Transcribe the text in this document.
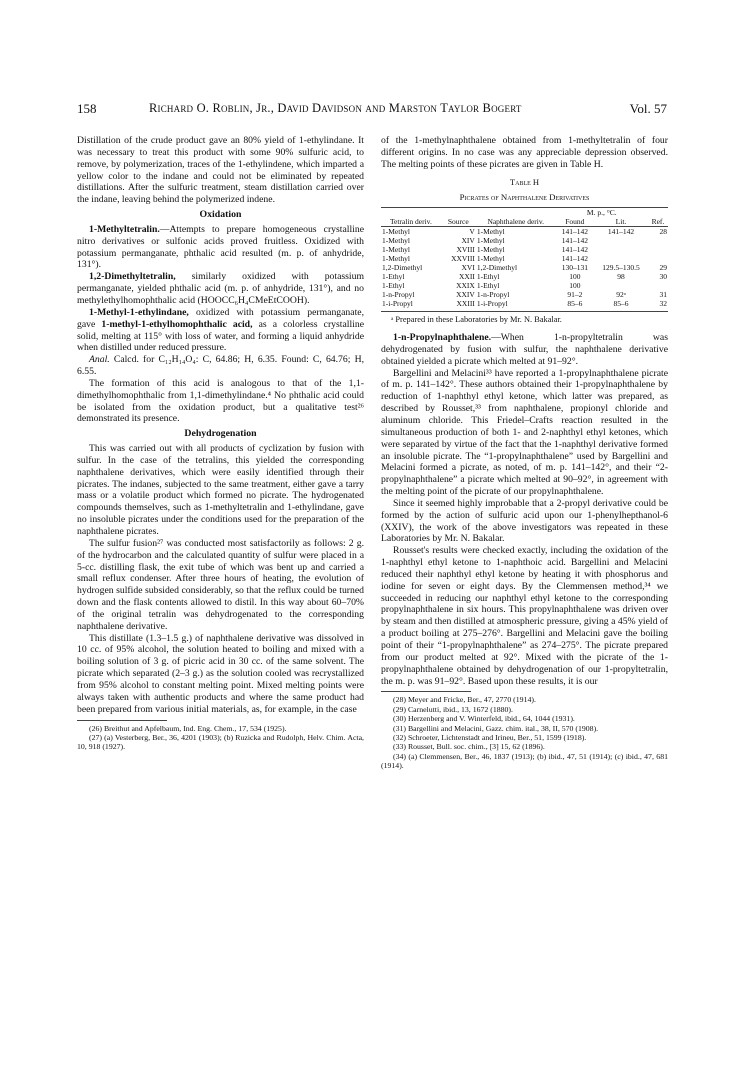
158	Richard O. Roblin, Jr., David Davidson and Marston Taylor Bogert	Vol. 57

Distillation of the crude product gave an 80% yield of 1-ethylindane. It was necessary to treat this product with some 90% sulfuric acid, to remove, by polymerization, traces of the 1-ethylindene, which imparted a yellow color to the indane and could not be eliminated by repeated distillations. After the sulfuric treatment, steam distillation carried over the indane, leaving behind the polymerized indene.

Oxidation

1-Methyltetralin.—Attempts to prepare homogeneous crystalline nitro derivatives or sulfonic acids proved fruitless. Oxidized with potassium permanganate, phthalic acid resulted (m. p. of anhydride, 131°).

1,2-Dimethyltetralin, similarly oxidized with potassium permanganate, yielded phthalic acid (m. p. of anhydride, 131°), and no methylethylhomophthalic acid (HOOCC₆H₄CMeEtCOOH).

1-Methyl-1-ethylindane, oxidized with potassium permanganate, gave 1-methyl-1-ethylhomophthalic acid, as a colorless crystalline solid, melting at 115° with loss of water, and forming a liquid anhydride when distilled under reduced pressure.

Anal. Calcd. for C₁₂H₁₄O₄: C, 64.86; H, 6.35. Found: C, 64.76; H, 6.55.

The formation of this acid is analogous to that of the 1,1-dimethylhomophthalic from 1,1-dimethylindane.⁴ No phthalic acid could be isolated from the oxidation product, but a qualitative test²⁶ demonstrated its presence.

Dehydrogenation

This was carried out with all products of cyclization by fusion with sulfur. In the case of the tetralins, this yielded the corresponding naphthalene derivatives, which were easily identified through their picrates. The indanes, subjected to the same treatment, either gave a tarry mass or a volatile product which formed no picrate. The hydrogenated compounds themselves, such as 1-methyltetralin and 1-ethylindane, gave no insoluble picrates under the conditions used for the preparation of the naphthalene picrates.

The sulfur fusion²⁷ was conducted most satisfactorily as follows: 2 g. of the hydrocarbon and the calculated quantity of sulfur were placed in a 5-cc. distilling flask, the exit tube of which was bent up and carried a small reflux condenser. After three hours of heating, the evolution of hydrogen sulfide subsided considerably, so that the reflux could be turned down and the flask contents allowed to distil. In this way about 60–70% of the original tetralin was dehydrogenated to the corresponding naphthalene derivative.

This distillate (1.3–1.5 g.) of naphthalene derivative was dissolved in 10 cc. of 95% alcohol, the solution heated to boiling and mixed with a boiling solution of 3 g. of picric acid in 30 cc. of the same solvent. The picrate which separated (2–3 g.) as the solution cooled was recrystallized from 95% alcohol to constant melting point. Mixed melting points were always taken with authentic products and where the same product had been prepared from various initial materials, as, for example, in the case

(26) Breithut and Apfelbaum, Ind. Eng. Chem., 17, 534 (1925).

(27) (a) Vesterberg, Ber., 36, 4201 (1903); (b) Ruzicka and Rudolph, Helv. Chim. Acta, 10, 918 (1927).

of the 1-methylnaphthalene obtained from 1-methyltetralin of four different origins. In no case was any appreciable depression observed. The melting points of these picrates are given in Table H.

Table H
Picrates of Naphthalene Derivatives
Tetralin deriv.	Source	Naphthalene deriv.	M. p., °C.		Ref.
			Found	Lit.	
1-Methyl	V	1-Methyl	141–142	141–142	28
1-Methyl	XIV	1-Methyl	141–142		
1-Methyl	XVIII	1-Methyl	141–142		
1-Methyl	XXVIII	1-Methyl	141–142		
1,2-Dimethyl	XVI	1,2-Dimethyl	130–131	129.5–130.5	29
1-Ethyl	XXII	1-Ethyl	100	98	30
1-Ethyl	XXIX	1-Ethyl	100		
1-n-Propyl	XXIV	1-n-Propyl	91–2	92ᵃ	31
1-i-Propyl	XXIII	1-i-Propyl	85–6	85–6	32
ᵃ Prepared in these Laboratories by Mr. N. Bakalar.

1-n-Propylnaphthalene.—When 1-n-propyltetralin was dehydrogenated by fusion with sulfur, the naphthalene derivative obtained yielded a picrate which melted at 91–92°.

Bargellini and Melacini³³ have reported a 1-propylnaphthalene picrate of m. p. 141–142°. These authors obtained their 1-propylnaphthalene by reduction of 1-naphthyl ethyl ketone, which latter was prepared, as described by Rousset,³³ from naphthalene, propionyl chloride and aluminum chloride. This Friedel–Crafts reaction resulted in the simultaneous production of both 1- and 2-naphthyl ethyl ketones, which were separated by virtue of the fact that the 1-naphthyl derivative formed an insoluble picrate. The “1-propylnaphthalene” used by Bargellini and Melacini formed a picrate, as noted, of m. p. 141–142°, and their “2-propylnaphthalene” a picrate which melted at 90–92°, in agreement with the melting point of the picrate of our propylnaphthalene.

Since it seemed highly improbable that a 2-propyl derivative could be formed by the action of sulfuric acid upon our 1-phenylhepthanol-6 (XXIV), the work of the above investigators was repeated in these Laboratories by Mr. N. Bakalar.

Rousset's results were checked exactly, including the oxidation of the 1-naphthyl ethyl ketone to 1-naphthoic acid. Bargellini and Melacini reduced their naphthyl ethyl ketone by heating it with phosphorus and iodine for seven or eight days. By the Clemmensen method,³⁴ we succeeded in reducing our naphthyl ethyl ketone to the corresponding propylnaphthalene in six hours. This propylnaphthalene was driven over by steam and then distilled at atmospheric pressure, giving a 45% yield of a product boiling at 275–276°. Bargellini and Melacini gave the boiling point of their “1-propylnaphthalene” as 274–275°. The picrate prepared from our product melted at 92°. Mixed with the picrate of the 1-propylnaphthalene obtained by dehydrogenation of our 1-propyltetralin, the m. p. was 91–92°. Based upon these results, it is our

(28) Meyer and Fricke, Ber., 47, 2770 (1914).

(29) Carnelutti, ibid., 13, 1672 (1880).

(30) Herzenberg and V. Winterfeld, ibid., 64, 1044 (1931).

(31) Bargellini and Melacini, Gazz. chim. ital., 38, II, 570 (1908).

(32) Schroeter, Lichtenstadt and Irineu, Ber., 51, 1599 (1918).

(33) Rousset, Bull. soc. chim., [3] 15, 62 (1896).

(34) (a) Clemmensen, Ber., 46, 1837 (1913); (b) ibid., 47, 51 (1914); (c) ibid., 47, 681 (1914).
